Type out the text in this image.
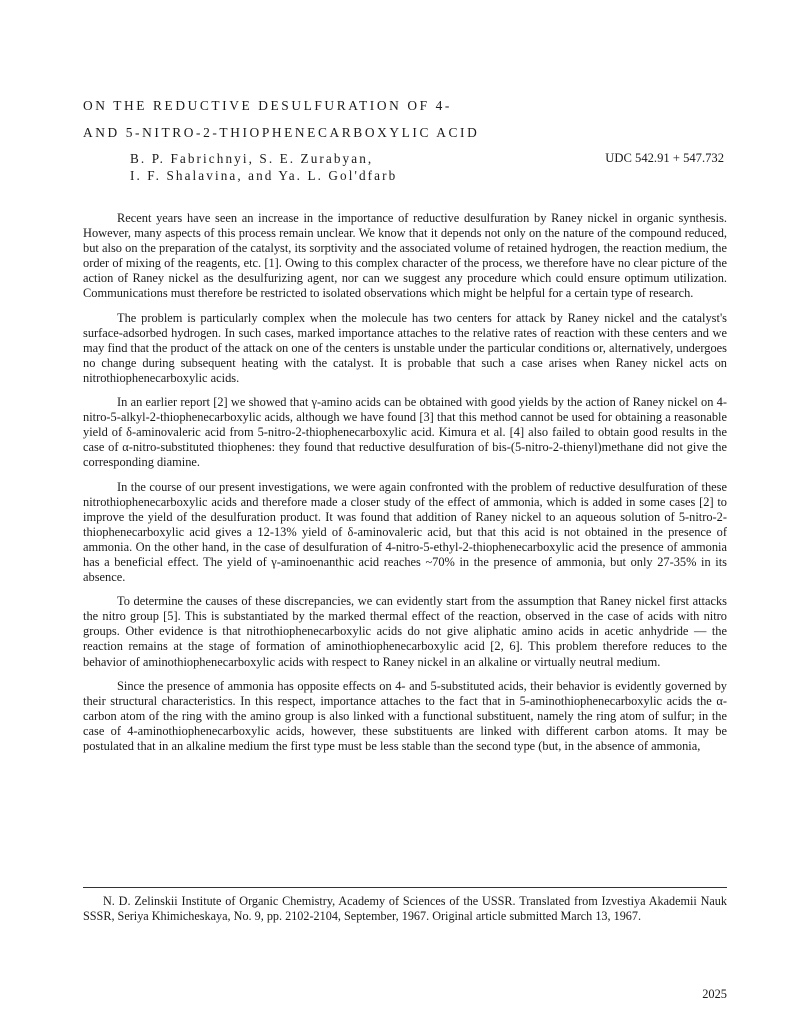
ON THE REDUCTIVE DESULFURATION OF 4-
AND 5-NITRO-2-THIOPHENECARBOXYLIC ACID
B. P. Fabrichnyi, S. E. Zurabyan,
I. F. Shalavina, and Ya. L. Gol'dfarb
UDC 542.91 + 547.732

Recent years have seen an increase in the importance of reductive desulfuration by Raney nickel in organic synthesis. However, many aspects of this process remain unclear. We know that it depends not only on the nature of the compound reduced, but also on the preparation of the catalyst, its sorptivity and the associated volume of retained hydrogen, the reaction medium, the order of mixing of the reagents, etc. [1]. Owing to this complex character of the process, we therefore have no clear picture of the action of Raney nickel as the desulfurizing agent, nor can we suggest any procedure which could ensure optimum utilization. Communications must therefore be restricted to isolated observations which might be helpful for a certain type of research.

The problem is particularly complex when the molecule has two centers for attack by Raney nickel and the catalyst's surface-adsorbed hydrogen. In such cases, marked importance attaches to the relative rates of reaction with these centers and we may find that the product of the attack on one of the centers is unstable under the particular conditions or, alternatively, undergoes no change during subsequent heating with the catalyst. It is probable that such a case arises when Raney nickel acts on nitrothiophenecarboxylic acids.

In an earlier report [2] we showed that γ-amino acids can be obtained with good yields by the action of Raney nickel on 4-nitro-5-alkyl-2-thiophenecarboxylic acids, although we have found [3] that this method cannot be used for obtaining a reasonable yield of δ-aminovaleric acid from 5-nitro-2-thiophenecarboxylic acid. Kimura et al. [4] also failed to obtain good results in the case of α-nitro-substituted thiophenes: they found that reductive desulfuration of bis-(5-nitro-2-thienyl)methane did not give the corresponding diamine.

In the course of our present investigations, we were again confronted with the problem of reductive desulfuration of these nitrothiophenecarboxylic acids and therefore made a closer study of the effect of ammonia, which is added in some cases [2] to improve the yield of the desulfuration product. It was found that addition of Raney nickel to an aqueous solution of 5-nitro-2-thiophenecarboxylic acid gives a 12-13% yield of δ-aminovaleric acid, but that this acid is not obtained in the presence of ammonia. On the other hand, in the case of desulfuration of 4-nitro-5-ethyl-2-thiophenecarboxylic acid the presence of ammonia has a beneficial effect. The yield of γ-aminoenanthic acid reaches ~70% in the presence of ammonia, but only 27-35% in its absence.

To determine the causes of these discrepancies, we can evidently start from the assumption that Raney nickel first attacks the nitro group [5]. This is substantiated by the marked thermal effect of the reaction, observed in the case of acids with nitro groups. Other evidence is that nitrothiophenecarboxylic acids do not give aliphatic amino acids in acetic anhydride — the reaction remains at the stage of formation of aminothiophenecarboxylic acid [2, 6]. This problem therefore reduces to the behavior of aminothiophenecarboxylic acids with respect to Raney nickel in an alkaline or virtually neutral medium.

Since the presence of ammonia has opposite effects on 4- and 5-substituted acids, their behavior is evidently governed by their structural characteristics. In this respect, importance attaches to the fact that in 5-aminothiophenecarboxylic acids the α-carbon atom of the ring with the amino group is also linked with a functional substituent, namely the ring atom of sulfur; in the case of 4-aminothiophenecarboxylic acids, however, these substituents are linked with different carbon atoms. It may be postulated that in an alkaline medium the first type must be less stable than the second type (but, in the absence of ammonia,

N. D. Zelinskii Institute of Organic Chemistry, Academy of Sciences of the USSR. Translated from Izvestiya Akademii Nauk SSSR, Seriya Khimicheskaya, No. 9, pp. 2102-2104, September, 1967. Original article submitted March 13, 1967.

2025
